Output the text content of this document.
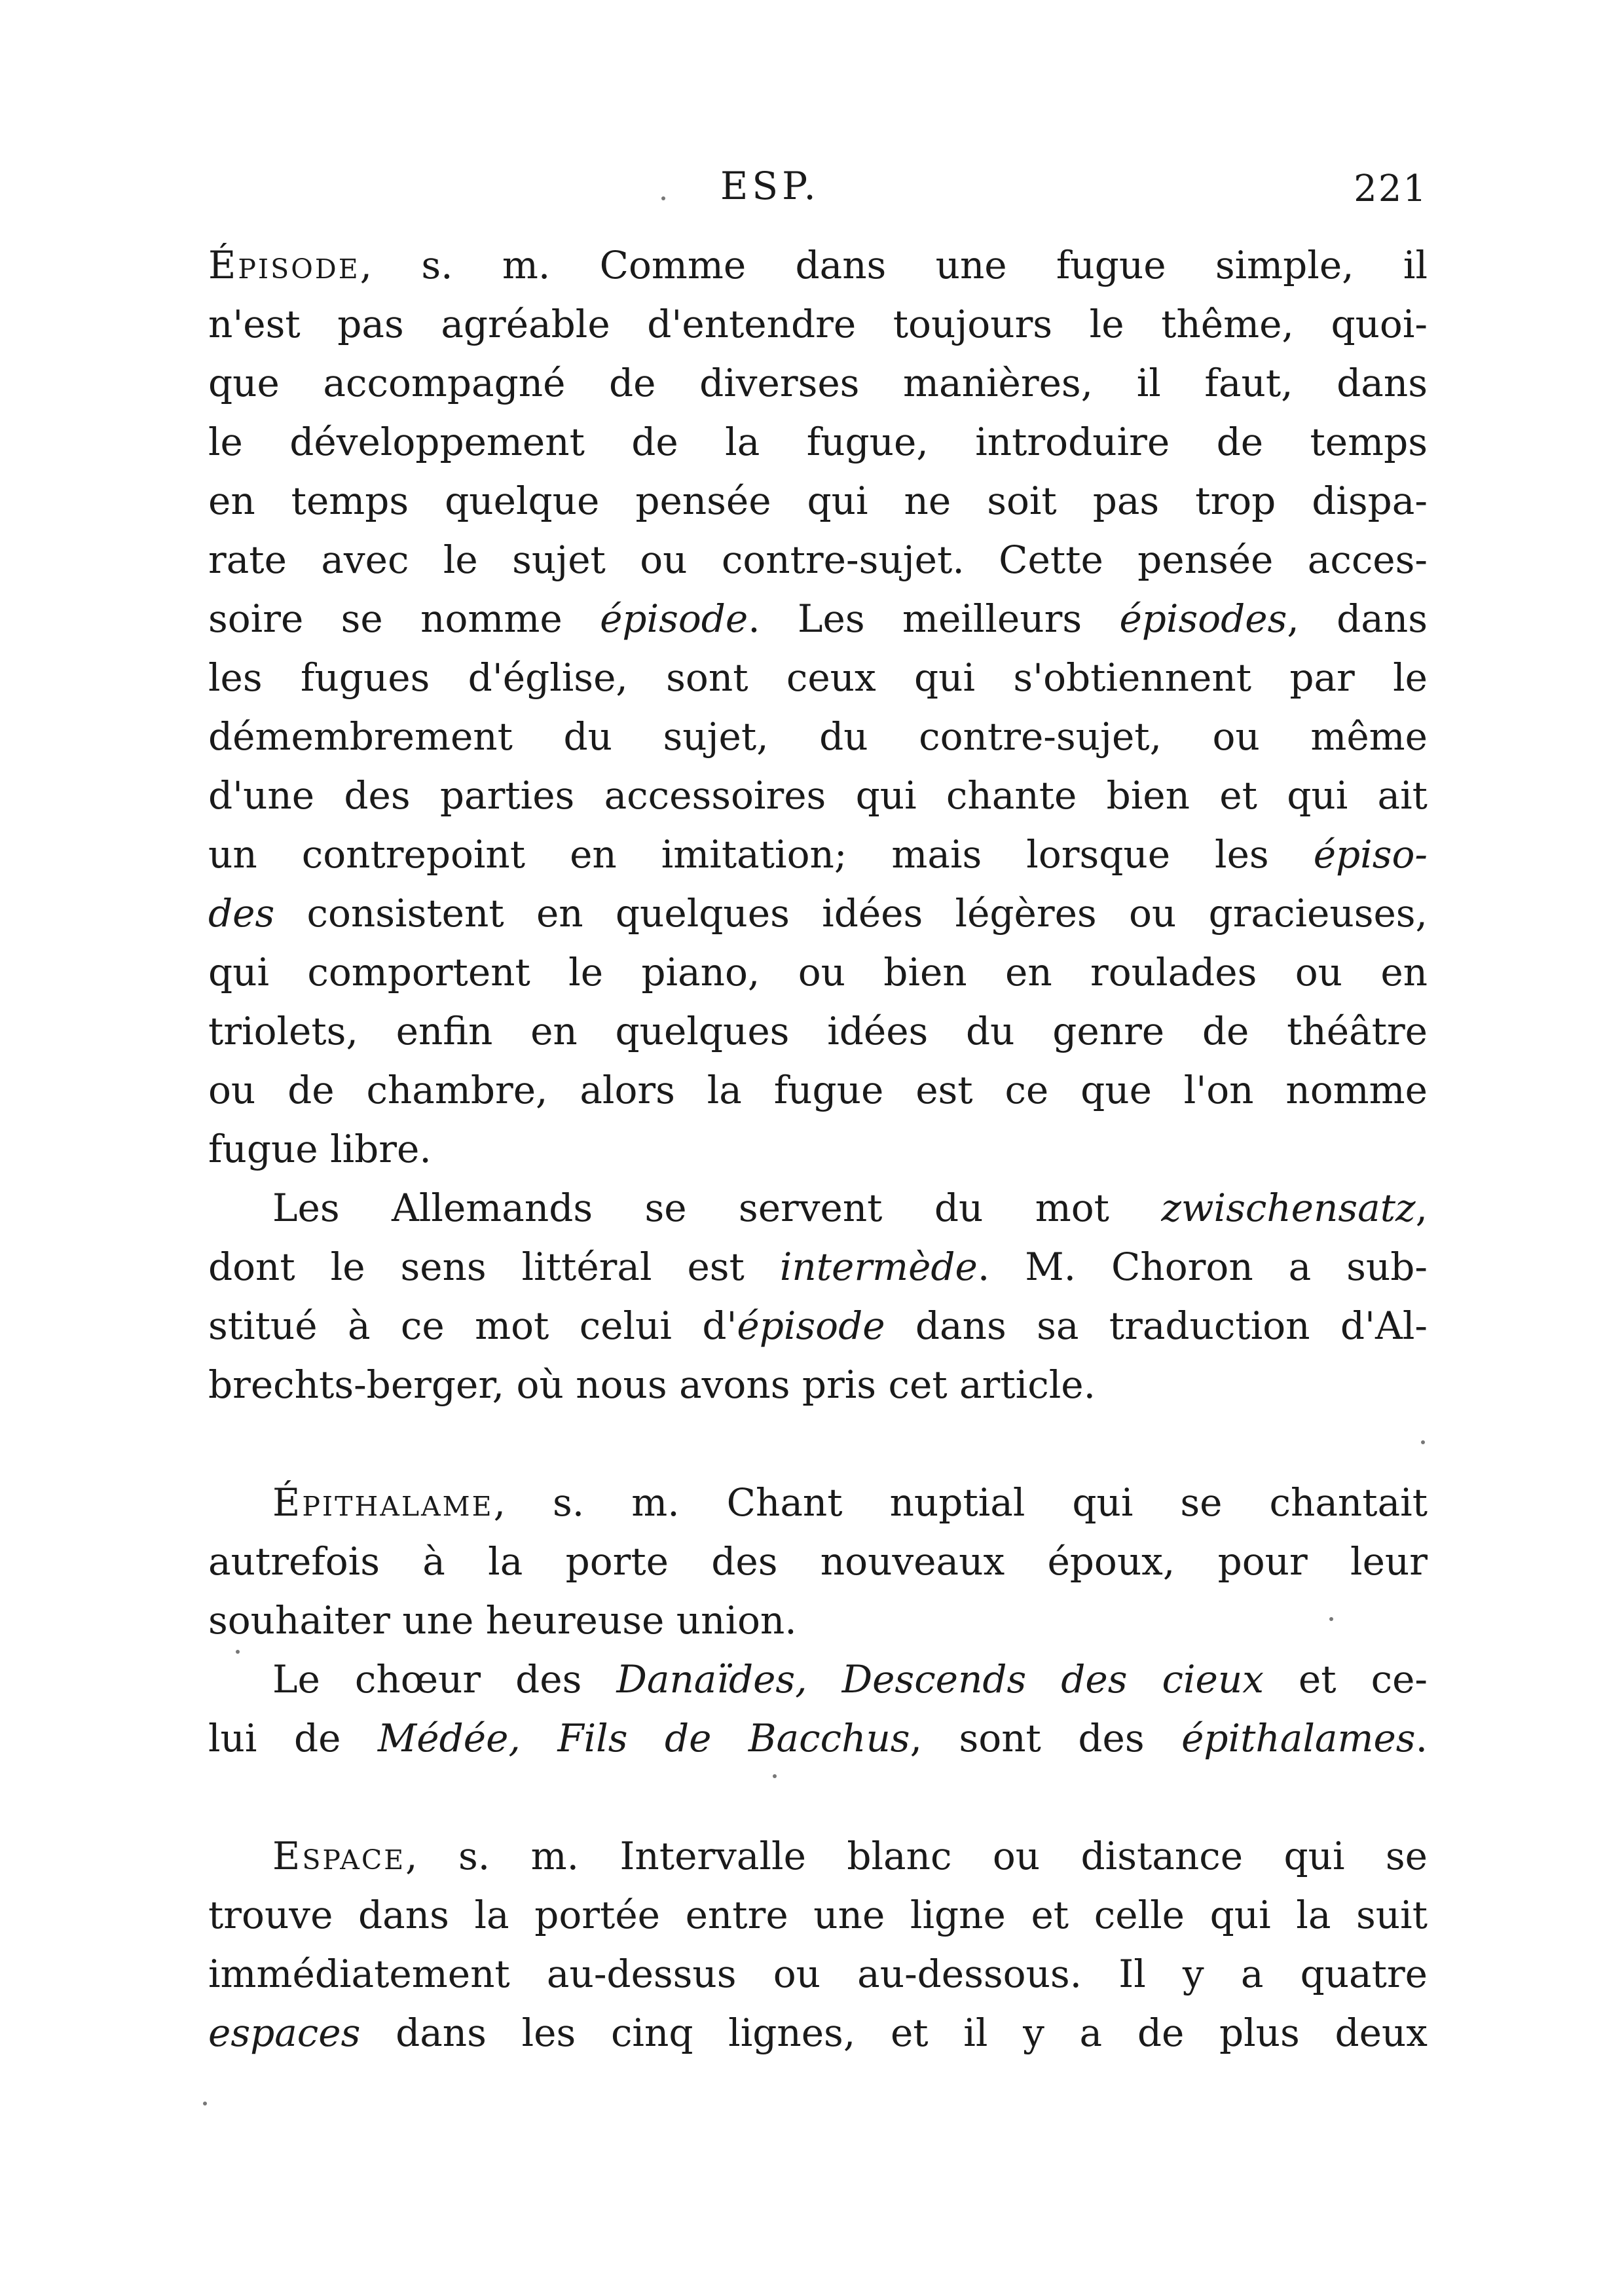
ESP.	221
Épisode, s. m. Comme dans une fugue simple, il
n'est pas agréable d'entendre toujours le thême, quoi-
que accompagné de diverses manières, il faut, dans
le développement de la fugue, introduire de temps
en temps quelque pensée qui ne soit pas trop dispa-
rate avec le sujet ou contre-sujet. Cette pensée acces-
soire se nomme épisode. Les meilleurs épisodes, dans
les fugues d'église, sont ceux qui s'obtiennent par le
démembrement du sujet, du contre-sujet, ou même
d'une des parties accessoires qui chante bien et qui ait
un contrepoint en imitation; mais lorsque les épiso-
des consistent en quelques idées légères ou gracieuses,
qui comportent le piano, ou bien en roulades ou en
triolets, enfin en quelques idées du genre de théâtre
ou de chambre, alors la fugue est ce que l'on nomme
fugue libre.
Les Allemands se servent du mot zwischensatz,
dont le sens littéral est intermède. M. Choron a sub-
stitué à ce mot celui d'épisode dans sa traduction d'Al-
brechts-berger, où nous avons pris cet article.
Épithalame, s. m. Chant nuptial qui se chantait
autrefois à la porte des nouveaux époux, pour leur
souhaiter une heureuse union.
Le chœur des Danaïdes, Descends des cieux et ce-
lui de Médée, Fils de Bacchus, sont des épithalames.
Espace, s. m. Intervalle blanc ou distance qui se
trouve dans la portée entre une ligne et celle qui la suit
immédiatement au-dessus ou au-dessous. Il y a quatre
espaces dans les cinq lignes, et il y a de plus deux
